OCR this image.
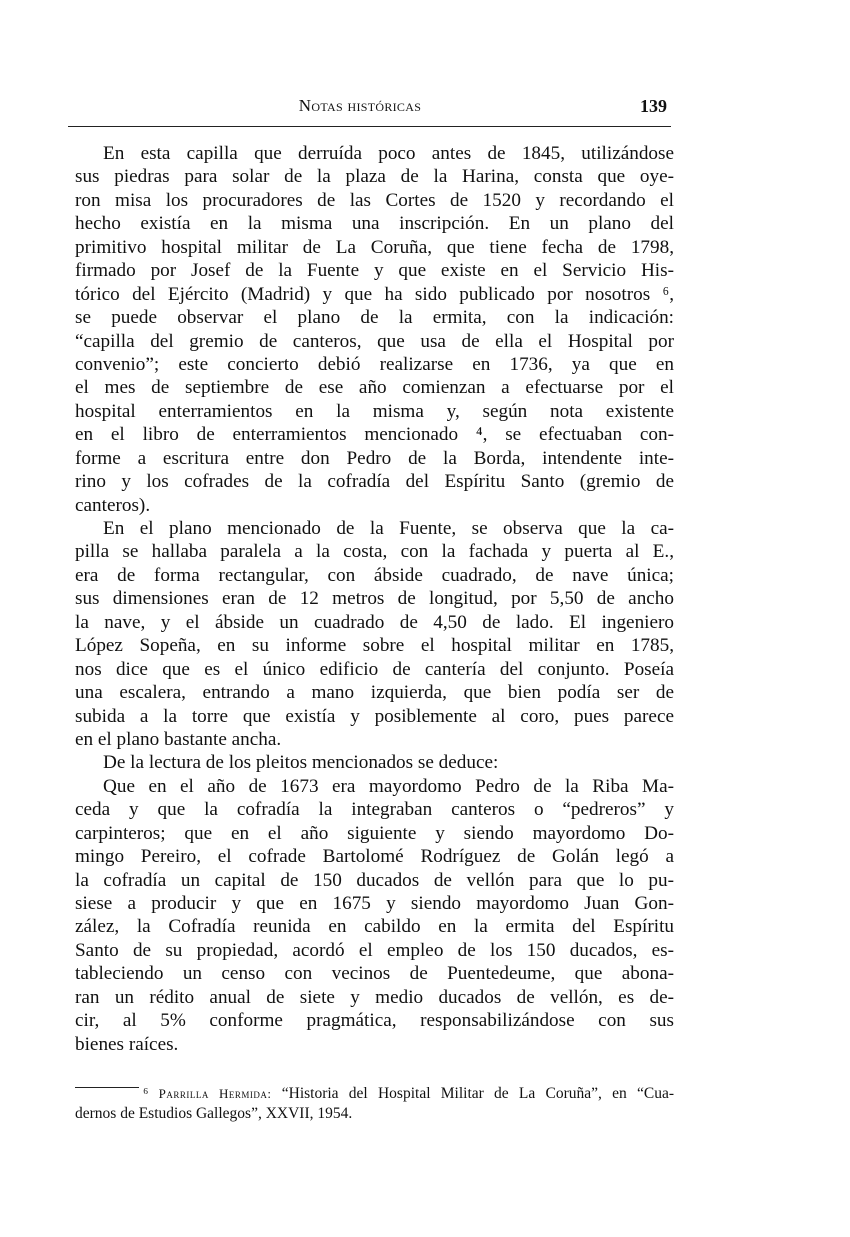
Notas históricas	139
En esta capilla que derruída poco antes de 1845, utilizándose
sus piedras para solar de la plaza de la Harina, consta que oye-
ron misa los procuradores de las Cortes de 1520 y recordando el
hecho existía en la misma una inscripción. En un plano del
primitivo hospital militar de La Coruña, que tiene fecha de 1798,
firmado por Josef de la Fuente y que existe en el Servicio His-
tórico del Ejército (Madrid) y que ha sido publicado por nosotros ⁶,
se puede observar el plano de la ermita, con la indicación:
“capilla del gremio de canteros, que usa de ella el Hospital por
convenio”; este concierto debió realizarse en 1736, ya que en
el mes de septiembre de ese año comienzan a efectuarse por el
hospital enterramientos en la misma y, según nota existente
en el libro de enterramientos mencionado ⁴, se efectuaban con-
forme a escritura entre don Pedro de la Borda, intendente inte-
rino y los cofrades de la cofradía del Espíritu Santo (gremio de
canteros).
En el plano mencionado de la Fuente, se observa que la ca-
pilla se hallaba paralela a la costa, con la fachada y puerta al E.,
era de forma rectangular, con ábside cuadrado, de nave única;
sus dimensiones eran de 12 metros de longitud, por 5,50 de ancho
la nave, y el ábside un cuadrado de 4,50 de lado. El ingeniero
López Sopeña, en su informe sobre el hospital militar en 1785,
nos dice que es el único edificio de cantería del conjunto. Poseía
una escalera, entrando a mano izquierda, que bien podía ser de
subida a la torre que existía y posiblemente al coro, pues parece
en el plano bastante ancha.
De la lectura de los pleitos mencionados se deduce:
Que en el año de 1673 era mayordomo Pedro de la Riba Ma-
ceda y que la cofradía la integraban canteros o “pedreros” y
carpinteros; que en el año siguiente y siendo mayordomo Do-
mingo Pereiro, el cofrade Bartolomé Rodríguez de Golán legó a
la cofradía un capital de 150 ducados de vellón para que lo pu-
siese a producir y que en 1675 y siendo mayordomo Juan Gon-
zález, la Cofradía reunida en cabildo en la ermita del Espíritu
Santo de su propiedad, acordó el empleo de los 150 ducados, es-
tableciendo un censo con vecinos de Puentedeume, que abona-
ran un rédito anual de siete y medio ducados de vellón, es de-
cir, al 5% conforme pragmática, responsabilizándose con sus
bienes raíces.
⁶ Parrilla Hermida: “Historia del Hospital Militar de La Coruña”, en “Cua-
dernos de Estudios Gallegos”, XXVII, 1954.
